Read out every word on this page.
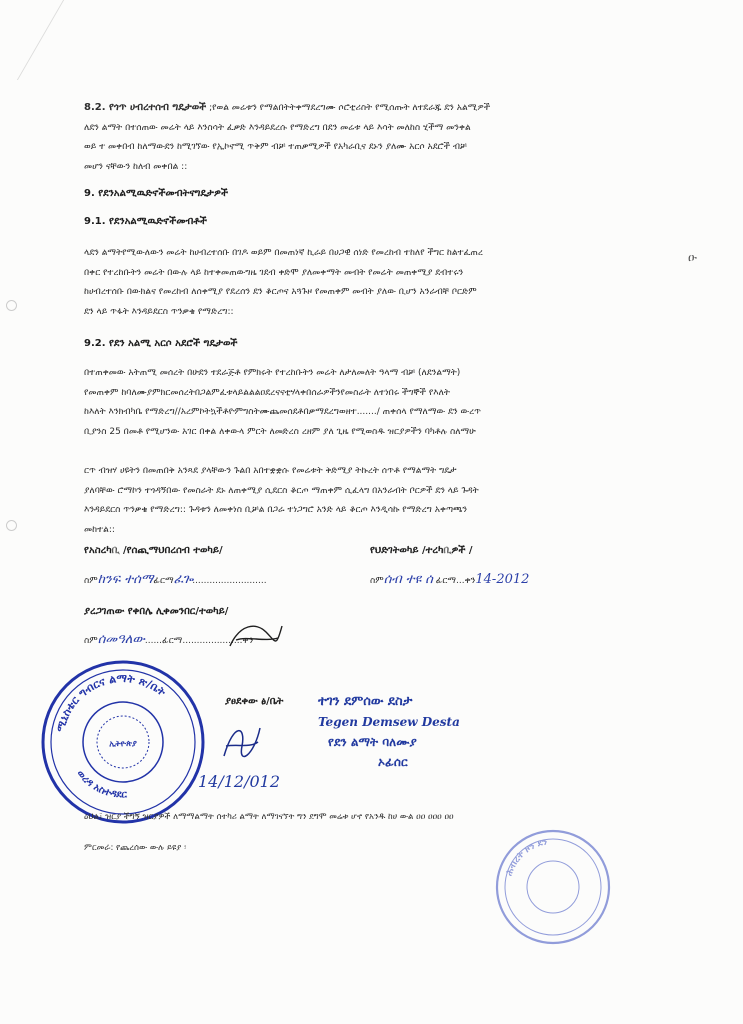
8.2. የጎጥ ሀብረተሰብ ግዴታወች ;የወል መሬቱን የማልበትትቀማደረግሙ ሶሮቲሪስት የሚሰጡት ለተደራጁ ደን አልሚዎች

ለደን ልማት በተሰጠው መሬት ላይ እንስሳት ፈቃድ እንዳይደረሱ የማድረግ በደን መሬቱ ላይ እሳት መለከስ ሂችማ መንቀል

ወይ ተ መቀበብ ከለማውደን ከሚገኘው የኢኮኖሚ ጥቅም ብቻ ተጠቃሚዎች የአካራቢና ደኑን ያለሙ አርሶ አደሮች ብቻ

መሆን ናቸውን ከለብ መቀበል ::

9. የደንአልሚዉድኖችመብትናግዴታዎች
9.1. የደንአልሚዉድኖችመብቶች

ላደን ልማትየሚውለውን መሬት ከሀብረተሰቡ በገዶ ወይም በመጠነኛ ኪራይ በሀጋዊ ሰነድ የመረከብ ተከለየ ችግር ከልተፈጠረ

በቀር የተረከቡትን መሬት በውሉ ላይ ከተቀመጠውግዜ ገደብ ቀድሞ ያለመቀማት መብት የመሬት መጠቀሚያ ደብተሩን

ከሀብረተሰቡ በውክልና የመረከብ ለሰቀሚያ የደረሰን ደን ቆርጦና አጓጉዞ የመጠቀም መብት ያለው ቢሆን አንራብቸ ቦርድም

ደን ላይ ጥፋት እንዳይደርስ ጥንቃቄ የማድረግ::

ዑ
9.2. የደን አልሚ አርሶ አደሮች ግዴታወች

በተጠቀመው አትጠሚ መሰረት በሁደን ተደራጅቶ የምክሩት የተረከቡትን መሬት ለታለመለት ዓላማ ብቻ (ለደንልማት)

የመጠቀም ከባለሙያምክርመሰረትበጋልምፈቱላይልልልዐደረናናቲሃላቀበሰራዎችንየመስራት ለተነበሩ ችግኞች የእለት

ከእለት እንክብካቤ የማድረግ//አረምኮትኳችቶዮምግስትሙጨመሰደቶበቃማደረግወዘተ......./ ጠቀሰላ የማለማው ደን ውረጥ

ቢያንስ 25 በመቶ የሚሆንው አገር በቀል ለቀውላ ምርት ለመድረስ ረዘም ያለ ጊዜ የሚወስዱ ዝርያዎችን ባካቶሉ ስለማሁ

ርጥ ብዝሃ ሀዩትን በመጠበቅ አንጻደ ያላቸውን ጉልበ አበተቋቋሱ የመሬቱት ቅድሚያ ትኩረት ሰጥቶ የማልማት ግዴታ

ያለባቸው ሮማኮን ተጎዳኝበው የመስራት ደኑ ለጠቀሚያ ሲደርስ ቆርጦ ማጠቀም ሲፈላግ በአንራብት ቦርዎች ደን ላይ ጉዳት

እንዳይደርስ ጥንቃቄ የማድረግ:: ጉዳቱን ለመቀነስ ቢቻል በጋራ ተነጋግሮ አንድ ላይ ቆርጦ እንዲሳኩ የማድረግ አቀጣጫን

መከተል::

የአስረካቢ /የሰጪማህበረሰብ ተወካይ/	የህድገትወካይ /ተረካቢዎች /
ስምከንፍ ተሰማፊርማፈጐ..........................	ስምሰብ ተዩ ሰ ፊርማ...ቀን14-2012
ያረጋገጠው የቀበሌ ሊቀመንበር/ተወካይ/
ስምሰመዓለው......ፊርማ.....................ቀን
ያፀደቀው ፅ/ቤት	ተገን ደምሰው ደስታ
Tegen Demsew Desta
የደን ልማት ባለሙያ
ኦፊሰር
14/12/012
ሚኒስቴር ግብርና ልማት ጽ/ቤት
ወረዳ አስተዳደር
ኢትዮጵያ
ሕብረት ዞን ደን
ዕህል፤ ዝርያ ችግኝ ዝርያዎች ለማማልማት ሰተካሪ ልማት ለማገናኘት ግን ደግሞ መሬቱ ሆኖ የአንዱ ከሀ ውል ዐዐ ዐዐዐ ዐዐ
ምርመራ: የጨረሰው ውሉ ይዩያ ፡
